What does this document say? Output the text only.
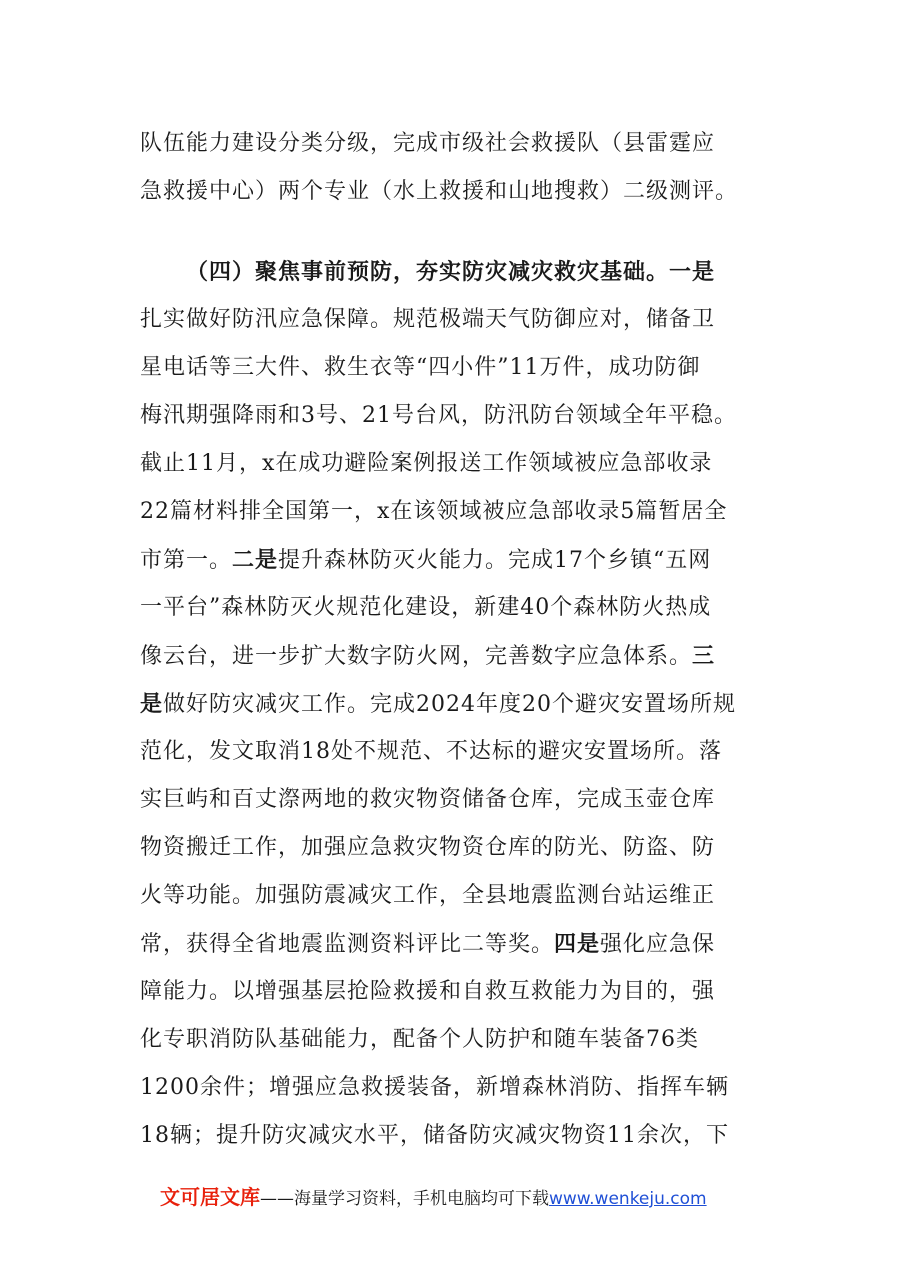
队伍能力建设分类分级，完成市级社会救援队（县雷霆应
急救援中心）两个专业（水上救援和山地搜救）二级测评。
（四）聚焦事前预防，夯实防灾减灾救灾基础。一是
扎实做好防汛应急保障。规范极端天气防御应对，储备卫
星电话等三大件、救生衣等“四小件”11万件，成功防御
梅汛期强降雨和3号、21号台风，防汛防台领域全年平稳。
截止11月，x在成功避险案例报送工作领域被应急部收录
22篇材料排全国第一，x在该领域被应急部收录5篇暂居全
市第一。二是提升森林防灭火能力。完成17个乡镇“五网
一平台”森林防灭火规范化建设，新建40个森林防火热成
像云台，进一步扩大数字防火网，完善数字应急体系。三
是做好防灾减灾工作。完成2024年度20个避灾安置场所规
范化，发文取消18处不规范、不达标的避灾安置场所。落
实巨屿和百丈漈两地的救灾物资储备仓库，完成玉壶仓库
物资搬迁工作，加强应急救灾物资仓库的防光、防盗、防
火等功能。加强防震减灾工作，全县地震监测台站运维正
常，获得全省地震监测资料评比二等奖。四是强化应急保
障能力。以增强基层抢险救援和自救互救能力为目的，强
化专职消防队基础能力，配备个人防护和随车装备76类
1200余件；增强应急救援装备，新增森林消防、指挥车辆
18辆；提升防灾减灾水平，储备防灾减灾物资11余次，下
文可居文库——海量学习资料，手机电脑均可下载www.wenkeju.com
